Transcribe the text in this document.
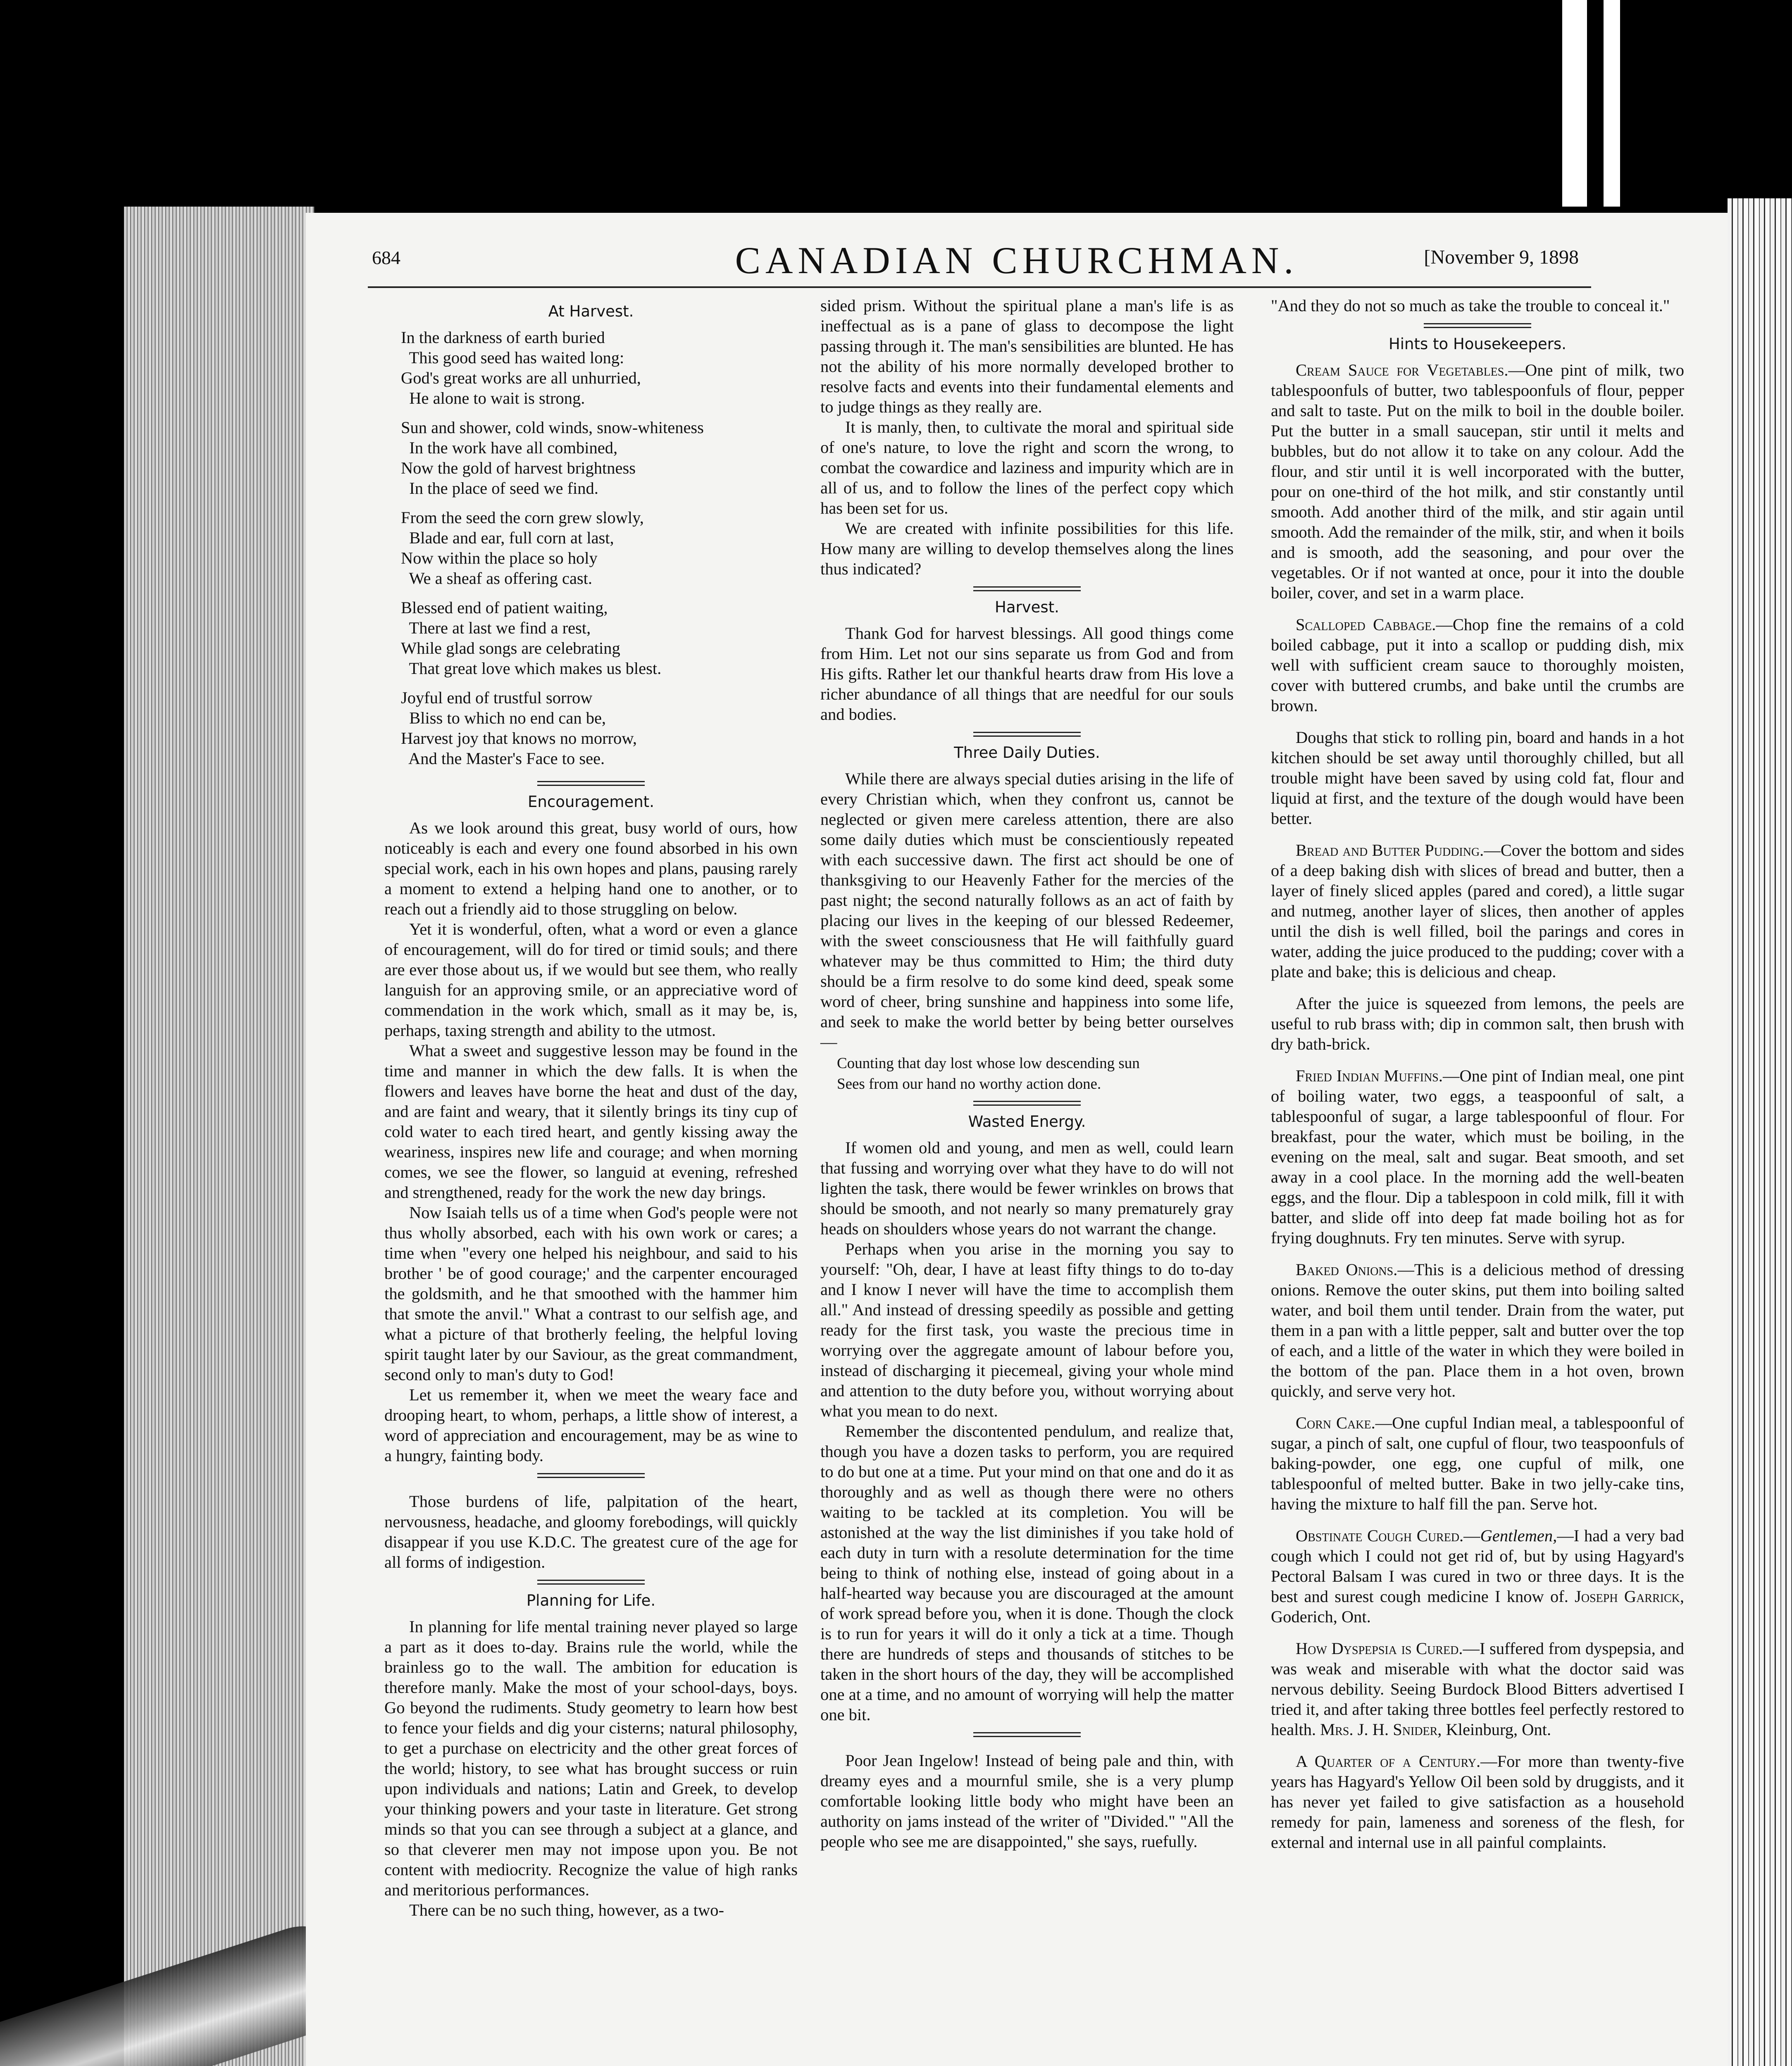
684	CANADIAN CHURCHMAN.	[November 9, 1898
At Harvest.
In the darkness of earth buried
This good seed has waited long:
God's great works are all unhurried,
He alone to wait is strong.

Sun and shower, cold winds, snow-whiteness
In the work have all combined,
Now the gold of harvest brightness
In the place of seed we find.

From the seed the corn grew slowly,
Blade and ear, full corn at last,
Now within the place so holy
We a sheaf as offering cast.

Blessed end of patient waiting,
There at last we find a rest,
While glad songs are celebrating
That great love which makes us blest.

Joyful end of trustful sorrow
Bliss to which no end can be,
Harvest joy that knows no morrow,
And the Master's Face to see.
Encouragement.

As we look around this great, busy world of ours, how noticeably is each and every one found absorbed in his own special work, each in his own hopes and plans, pausing rarely a moment to extend a helping hand one to another, or to reach out a friendly aid to those struggling on below.

Yet it is wonderful, often, what a word or even a glance of encouragement, will do for tired or timid souls; and there are ever those about us, if we would but see them, who really languish for an approving smile, or an appreciative word of commendation in the work which, small as it may be, is, perhaps, taxing strength and ability to the utmost.

What a sweet and suggestive lesson may be found in the time and manner in which the dew falls. It is when the flowers and leaves have borne the heat and dust of the day, and are faint and weary, that it silently brings its tiny cup of cold water to each tired heart, and gently kissing away the weariness, inspires new life and courage; and when morning comes, we see the flower, so languid at evening, refreshed and strengthened, ready for the work the new day brings.

Now Isaiah tells us of a time when God's people were not thus wholly absorbed, each with his own work or cares; a time when "every one helped his neighbour, and said to his brother ' be of good courage;' and the carpenter encouraged the goldsmith, and he that smoothed with the hammer him that smote the anvil." What a contrast to our selfish age, and what a picture of that brotherly feeling, the helpful loving spirit taught later by our Saviour, as the great commandment, second only to man's duty to God!

Let us remember it, when we meet the weary face and drooping heart, to whom, perhaps, a little show of interest, a word of appreciation and encouragement, may be as wine to a hungry, fainting body.

Those burdens of life, palpitation of the heart, nervousness, headache, and gloomy forebodings, will quickly disappear if you use K.D.C. The greatest cure of the age for all forms of indigestion.

Planning for Life.

In planning for life mental training never played so large a part as it does to-day. Brains rule the world, while the brainless go to the wall. The ambition for education is therefore manly. Make the most of your school-days, boys. Go beyond the rudiments. Study geometry to learn how best to fence your fields and dig your cisterns; natural philosophy, to get a purchase on electricity and the other great forces of the world; history, to see what has brought success or ruin upon individuals and nations; Latin and Greek, to develop your thinking powers and your taste in literature. Get strong minds so that you can see through a subject at a glance, and so that cleverer men may not impose upon you. Be not content with mediocrity. Recognize the value of high ranks and meritorious performances.

There can be no such thing, however, as a two-

sided prism. Without the spiritual plane a man's life is as ineffectual as is a pane of glass to decompose the light passing through it. The man's sensibilities are blunted. He has not the ability of his more normally developed brother to resolve facts and events into their fundamental elements and to judge things as they really are.

It is manly, then, to cultivate the moral and spiritual side of one's nature, to love the right and scorn the wrong, to combat the cowardice and laziness and impurity which are in all of us, and to follow the lines of the perfect copy which has been set for us.

We are created with infinite possibilities for this life. How many are willing to develop themselves along the lines thus indicated?

Harvest.

Thank God for harvest blessings. All good things come from Him. Let not our sins separate us from God and from His gifts. Rather let our thankful hearts draw from His love a richer abundance of all things that are needful for our souls and bodies.

Three Daily Duties.

While there are always special duties arising in the life of every Christian which, when they confront us, cannot be neglected or given mere careless attention, there are also some daily duties which must be conscientiously repeated with each successive dawn. The first act should be one of thanksgiving to our Heavenly Father for the mercies of the past night; the second naturally follows as an act of faith by placing our lives in the keeping of our blessed Redeemer, with the sweet consciousness that He will faithfully guard whatever may be thus committed to Him; the third duty should be a firm resolve to do some kind deed, speak some word of cheer, bring sunshine and happiness into some life, and seek to make the world better by being better ourselves—

Counting that day lost whose low descending sun
Sees from our hand no worthy action done.
Wasted Energy.

If women old and young, and men as well, could learn that fussing and worrying over what they have to do will not lighten the task, there would be fewer wrinkles on brows that should be smooth, and not nearly so many prematurely gray heads on shoulders whose years do not warrant the change.

Perhaps when you arise in the morning you say to yourself: "Oh, dear, I have at least fifty things to do to-day and I know I never will have the time to accomplish them all." And instead of dressing speedily as possible and getting ready for the first task, you waste the precious time in worrying over the aggregate amount of labour before you, instead of discharging it piecemeal, giving your whole mind and attention to the duty before you, without worrying about what you mean to do next.

Remember the discontented pendulum, and realize that, though you have a dozen tasks to perform, you are required to do but one at a time. Put your mind on that one and do it as thoroughly and as well as though there were no others waiting to be tackled at its completion. You will be astonished at the way the list diminishes if you take hold of each duty in turn with a resolute determination for the time being to think of nothing else, instead of going about in a half-hearted way because you are discouraged at the amount of work spread before you, when it is done. Though the clock is to run for years it will do it only a tick at a time. Though there are hundreds of steps and thousands of stitches to be taken in the short hours of the day, they will be accomplished one at a time, and no amount of worrying will help the matter one bit.

Poor Jean Ingelow! Instead of being pale and thin, with dreamy eyes and a mournful smile, she is a very plump comfortable looking little body who might have been an authority on jams instead of the writer of "Divided." "All the people who see me are disappointed," she says, ruefully.

"And they do not so much as take the trouble to conceal it."

Hints to Housekeepers.

Cream Sauce for Vegetables.—One pint of milk, two tablespoonfuls of butter, two tablespoonfuls of flour, pepper and salt to taste. Put on the milk to boil in the double boiler. Put the butter in a small saucepan, stir until it melts and bubbles, but do not allow it to take on any colour. Add the flour, and stir until it is well incorporated with the butter, pour on one-third of the hot milk, and stir constantly until smooth. Add another third of the milk, and stir again until smooth. Add the remainder of the milk, stir, and when it boils and is smooth, add the seasoning, and pour over the vegetables. Or if not wanted at once, pour it into the double boiler, cover, and set in a warm place.

Scalloped Cabbage.—Chop fine the remains of a cold boiled cabbage, put it into a scallop or pudding dish, mix well with sufficient cream sauce to thoroughly moisten, cover with buttered crumbs, and bake until the crumbs are brown.

Doughs that stick to rolling pin, board and hands in a hot kitchen should be set away until thoroughly chilled, but all trouble might have been saved by using cold fat, flour and liquid at first, and the texture of the dough would have been better.

Bread and Butter Pudding.—Cover the bottom and sides of a deep baking dish with slices of bread and butter, then a layer of finely sliced apples (pared and cored), a little sugar and nutmeg, another layer of slices, then another of apples until the dish is well filled, boil the parings and cores in water, adding the juice produced to the pudding; cover with a plate and bake; this is delicious and cheap.

After the juice is squeezed from lemons, the peels are useful to rub brass with; dip in common salt, then brush with dry bath-brick.

Fried Indian Muffins.—One pint of Indian meal, one pint of boiling water, two eggs, a teaspoonful of salt, a tablespoonful of sugar, a large tablespoonful of flour. For breakfast, pour the water, which must be boiling, in the evening on the meal, salt and sugar. Beat smooth, and set away in a cool place. In the morning add the well-beaten eggs, and the flour. Dip a tablespoon in cold milk, fill it with batter, and slide off into deep fat made boiling hot as for frying doughnuts. Fry ten minutes. Serve with syrup.

Baked Onions.—This is a delicious method of dressing onions. Remove the outer skins, put them into boiling salted water, and boil them until tender. Drain from the water, put them in a pan with a little pepper, salt and butter over the top of each, and a little of the water in which they were boiled in the bottom of the pan. Place them in a hot oven, brown quickly, and serve very hot.

Corn Cake.—One cupful Indian meal, a tablespoonful of sugar, a pinch of salt, one cupful of flour, two teaspoonfuls of baking-powder, one egg, one cupful of milk, one tablespoonful of melted butter. Bake in two jelly-cake tins, having the mixture to half fill the pan. Serve hot.

Obstinate Cough Cured.—Gentlemen,—I had a very bad cough which I could not get rid of, but by using Hagyard's Pectoral Balsam I was cured in two or three days. It is the best and surest cough medicine I know of. Joseph Garrick, Goderich, Ont.

How Dyspepsia is Cured.—I suffered from dyspepsia, and was weak and miserable with what the doctor said was nervous debility. Seeing Burdock Blood Bitters advertised I tried it, and after taking three bottles feel perfectly restored to health. Mrs. J. H. Snider, Kleinburg, Ont.

A Quarter of a Century.—For more than twenty-five years has Hagyard's Yellow Oil been sold by druggists, and it has never yet failed to give satisfaction as a household remedy for pain, lameness and soreness of the flesh, for external and internal use in all painful complaints.
